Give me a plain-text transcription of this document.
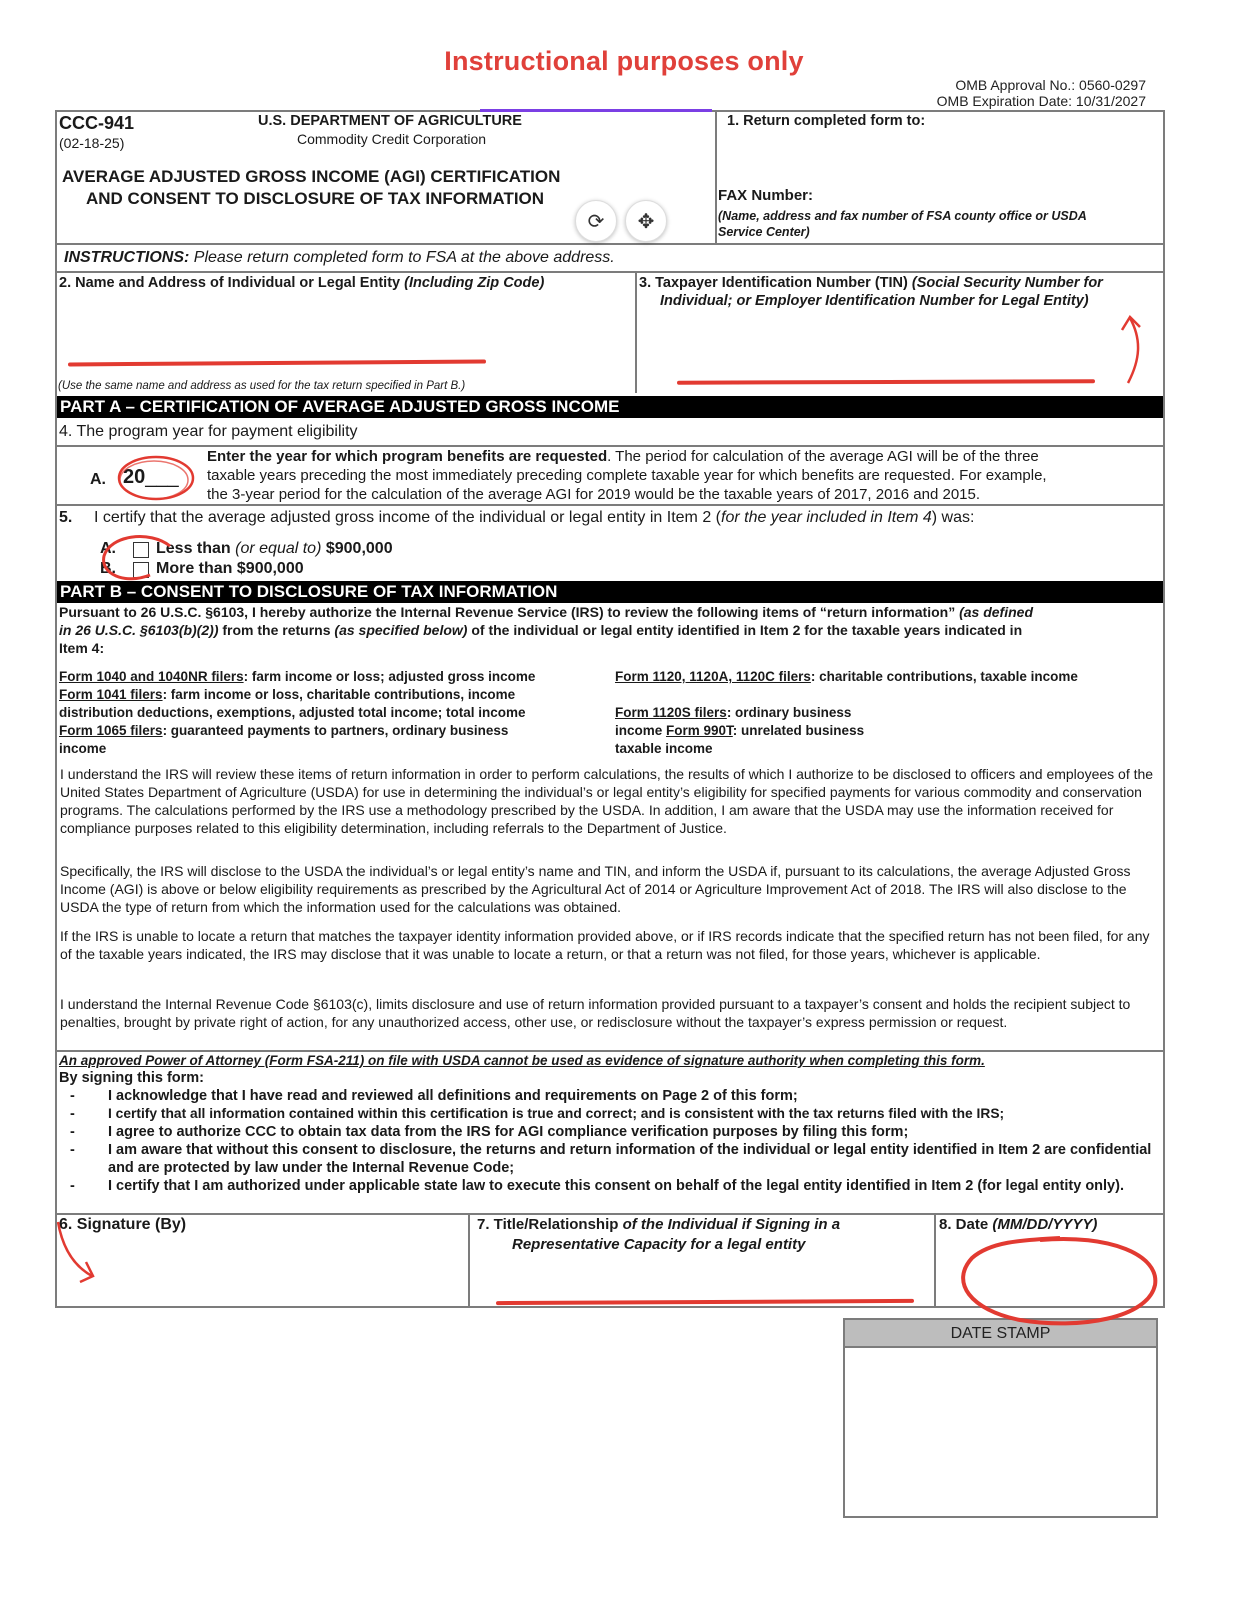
Instructional purposes only
OMB Approval No.: 0560-0297
OMB Expiration Date: 10/31/2027
CCC-941
(02-18-25)
U.S. DEPARTMENT OF AGRICULTURE
Commodity Credit Corporation
AVERAGE ADJUSTED GROSS INCOME (AGI) CERTIFICATION
AND CONSENT TO DISCLOSURE OF TAX INFORMATION
⟳ ✥
1. Return completed form to:
FAX Number:
(Name, address and fax number of FSA county office or USDA
Service Center)
INSTRUCTIONS: Please return completed form to FSA at the above address.
2. Name and Address of Individual or Legal Entity (Including Zip Code)
(Use the same name and address as used for the tax return specified in Part B.)
3. Taxpayer Identification Number (TIN) (Social Security Number for
Individual; or Employer Identification Number for Legal Entity)
PART A – CERTIFICATION OF AVERAGE ADJUSTED GROSS INCOME
4. The program year for payment eligibility
A. 20___
Enter the year for which program benefits are requested. The period for calculation of the average AGI will be of the three
taxable years preceding the most immediately preceding complete taxable year for which benefits are requested. For example,
the 3-year period for the calculation of the average AGI for 2019 would be the taxable years of 2017, 2016 and 2015.
5. I certify that the average adjusted gross income of the individual or legal entity in Item 2 (for the year included in Item 4) was:
A.	Less than (or equal to) $900,000
B.	More than $900,000
PART B – CONSENT TO DISCLOSURE OF TAX INFORMATION
Pursuant to 26 U.S.C. §6103, I hereby authorize the Internal Revenue Service (IRS) to review the following items of “return information” (as defined
in 26 U.S.C. §6103(b)(2)) from the returns (as specified below) of the individual or legal entity identified in Item 2 for the taxable years indicated in
Item 4:
Form 1040 and 1040NR filers: farm income or loss; adjusted gross income
Form 1041 filers: farm income or loss, charitable contributions, income
distribution deductions, exemptions, adjusted total income; total income
Form 1065 filers: guaranteed payments to partners, ordinary business
income
Form 1120, 1120A, 1120C filers: charitable contributions, taxable income
Form 1120S filers: ordinary business
income Form 990T: unrelated business
taxable income
I understand the IRS will review these items of return information in order to perform calculations, the results of which I authorize to be disclosed to officers and employees of the United States Department of Agriculture (USDA) for use in determining the individual’s or legal entity’s eligibility for specified payments for various commodity and conservation programs. The calculations performed by the IRS use a methodology prescribed by the USDA. In addition, I am aware that the USDA may use the information received for compliance purposes related to this eligibility determination, including referrals to the Department of Justice.
Specifically, the IRS will disclose to the USDA the individual’s or legal entity’s name and TIN, and inform the USDA if, pursuant to its calculations, the average Adjusted Gross Income (AGI) is above or below eligibility requirements as prescribed by the Agricultural Act of 2014 or Agriculture Improvement Act of 2018. The IRS will also disclose to the USDA the type of return from which the information used for the calculations was obtained.
If the IRS is unable to locate a return that matches the taxpayer identity information provided above, or if IRS records indicate that the specified return has not been filed, for any of the taxable years indicated, the IRS may disclose that it was unable to locate a return, or that a return was not filed, for those years, whichever is applicable.
I understand the Internal Revenue Code §6103(c), limits disclosure and use of return information provided pursuant to a taxpayer’s consent and holds the recipient subject to penalties, brought by private right of action, for any unauthorized access, other use, or redisclosure without the taxpayer’s express permission or request.
An approved Power of Attorney (Form FSA-211) on file with USDA cannot be used as evidence of signature authority when completing this form.
By signing this form:
- I acknowledge that I have read and reviewed all definitions and requirements on Page 2 of this form;
- I certify that all information contained within this certification is true and correct; and is consistent with the tax returns filed with the IRS;
- I agree to authorize CCC to obtain tax data from the IRS for AGI compliance verification purposes by filing this form;
- I am aware that without this consent to disclosure, the returns and return information of the individual or legal entity identified in Item 2 are confidential and are protected by law under the Internal Revenue Code;
- I certify that I am authorized under applicable state law to execute this consent on behalf of the legal entity identified in Item 2 (for legal entity only).
6. Signature (By)	7. Title/Relationship of the Individual if Signing in a
Representative Capacity for a legal entity
8. Date (MM/DD/YYYY)
DATE STAMP
